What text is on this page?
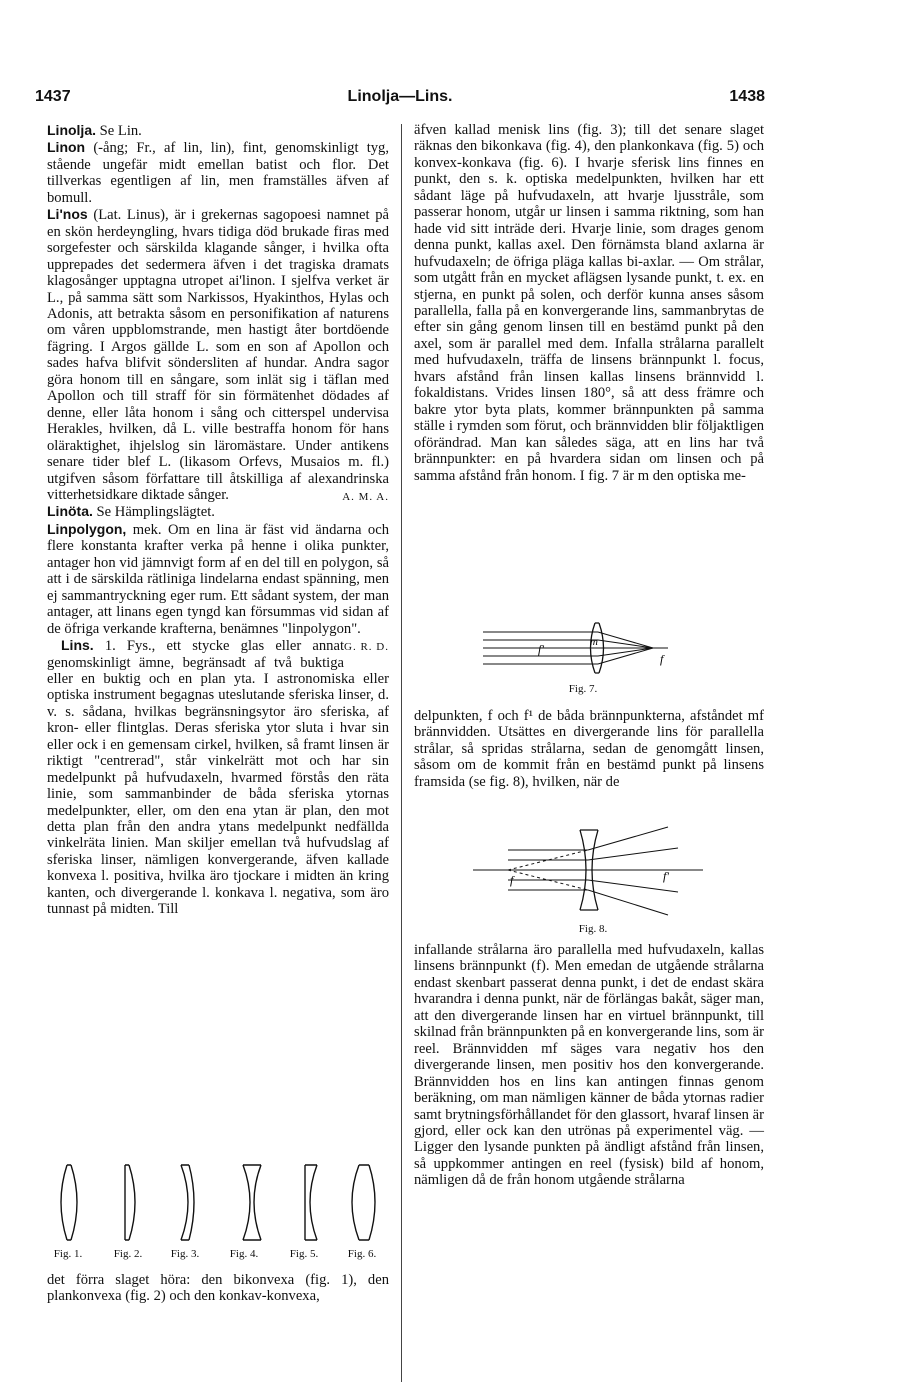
1437	Linolja—Lins.	1438

Linolja. Se Lin.

Linon (-ång; Fr., af lin, lin), fint, genomskinligt tyg, stående ungefär midt emellan batist och flor. Det tillverkas egentligen af lin, men framställes äfven af bomull.

Li'nos (Lat. Linus), är i grekernas sagopoesi namnet på en skön herdeyngling, hvars tidiga död brukade firas med sorgefester och särskilda klagande sånger, i hvilka ofta upprepades det sedermera äfven i det tragiska dramats klagosånger upptagna utropet ai'linon. I sjelfva verket är L., på samma sätt som Narkissos, Hyakinthos, Hylas och Adonis, att betrakta såsom en personifikation af naturens om våren uppblomstrande, men hastigt åter bortdöende fägring. I Argos gällde L. som en son af Apollon och sades hafva blifvit söndersliten af hundar. Andra sagor göra honom till en sångare, som inlät sig i täflan med Apollon och till straff för sin förmätenhet dödades af denne, eller låta honom i sång och citterspel undervisa Herakles, hvilken, då L. ville bestraffa honom för hans oläraktighet, ihjelslog sin läromästare. Under antikens senare tider blef L. (likasom Orfevs, Musaios m. fl.) utgifven såsom författare till åtskilliga af alexandrinska vitterhetsidkare diktade sånger.	A. M. A.

Linöta. Se Hämplingslägtet.

Linpolygon, mek. Om en lina är fäst vid ändarna och flere konstanta krafter verka på henne i olika punkter, antager hon vid jämnvigt form af en del till en polygon, så att i de särskilda rätliniga lindelarna endast spänning, men ej sammantryckning eger rum. Ett sådant system, der man antager, att linans egen tyngd kan försummas vid sidan af de öfriga verkande krafterna, benämnes "linpolygon".
G. R. D.

Lins. 1. Fys., ett stycke glas eller annat genomskinligt ämne, begränsadt af två buktiga eller en buktig och en plan yta. I astronomiska eller optiska instrument begagnas uteslutande sferiska linser, d. v. s. sådana, hvilkas begränsningsytor äro sferiska, af kron- eller flintglas. Deras sferiska ytor sluta i hvar sin eller ock i en gemensam cirkel, hvilken, så framt linsen är riktigt "centrerad", står vinkelrätt mot och har sin medelpunkt på hufvudaxeln, hvarmed förstås den räta linie, som sammanbinder de båda sferiska ytornas medelpunkter, eller, om den ena ytan är plan, den mot detta plan från den andra ytans medelpunkt nedfällda vinkelräta linien. Man skiljer emellan två hufvudslag af sferiska linser, nämligen konvergerande, äfven kallade konvexa l. positiva, hvilka äro tjockare i midten än kring kanten, och divergerande l. konkava l. negativa, som äro tunnast på midten. Till

Fig. 1.	Fig. 2.	Fig. 3.	Fig. 4.	Fig. 5.	Fig. 6.

det förra slaget höra: den bikonvexa (fig. 1), den plankonvexa (fig. 2) och den konkav-konvexa,

äfven kallad menisk lins (fig. 3); till det senare slaget räknas den bikonkava (fig. 4), den plankonkava (fig. 5) och konvex-konkava (fig. 6). I hvarje sferisk lins finnes en punkt, den s. k. optiska medelpunkten, hvilken har ett sådant läge på hufvudaxeln, att hvarje ljusstråle, som passerar honom, utgår ur linsen i samma riktning, som han hade vid sitt inträde deri. Hvarje linie, som drages genom denna punkt, kallas axel. Den förnämsta bland axlarna är hufvudaxeln; de öfriga pläga kallas bi-axlar. — Om strålar, som utgått från en mycket aflägsen lysande punkt, t. ex. en stjerna, en punkt på solen, och derför kunna anses såsom parallella, falla på en konvergerande lins, sammanbrytas de efter sin gång genom linsen till en bestämd punkt på den axel, som är parallel med dem. Infalla strålarna parallelt med hufvudaxeln, träffa de linsens brännpunkt l. focus, hvars afstånd från linsen kallas linsens brännvidd l. fokaldistans. Vrides linsen 180°, så att dess främre och bakre ytor byta plats, kommer brännpunkten på samma ställe i rymden som förut, och brännvidden blir följaktligen oförändrad. Man kan således säga, att en lins har två brännpunkter: en på hvardera sidan om linsen och på samma afstånd från honom. I fig. 7 är m den optiska me-

f'	m
f
Fig. 7.

delpunkten, f och f¹ de båda brännpunkterna, afståndet mf brännvidden. Utsättes en divergerande lins för parallella strålar, så spridas strålarna, sedan de genomgått linsen, såsom om de kommit från en bestämd punkt på linsens framsida (se fig. 8), hvilken, när de

f	f'
Fig. 8.

infallande strålarna äro parallella med hufvudaxeln, kallas linsens brännpunkt (f). Men emedan de utgående strålarna endast skenbart passerat denna punkt, i det de endast skära hvarandra i denna punkt, när de förlängas bakåt, säger man, att den divergerande linsen har en virtuel brännpunkt, till skilnad från brännpunkten på en konvergerande lins, som är reel. Brännvidden mf säges vara negativ hos den divergerande linsen, men positiv hos den konvergerande. Brännvidden hos en lins kan antingen finnas genom beräkning, om man nämligen känner de båda ytornas radier samt brytningsförhållandet för den glassort, hvaraf linsen är gjord, eller ock kan den utrönas på experimentel väg. — Ligger den lysande punkten på ändligt afstånd från linsen, så uppkommer antingen en reel (fysisk) bild af honom, nämligen då de från honom utgående strålarna
